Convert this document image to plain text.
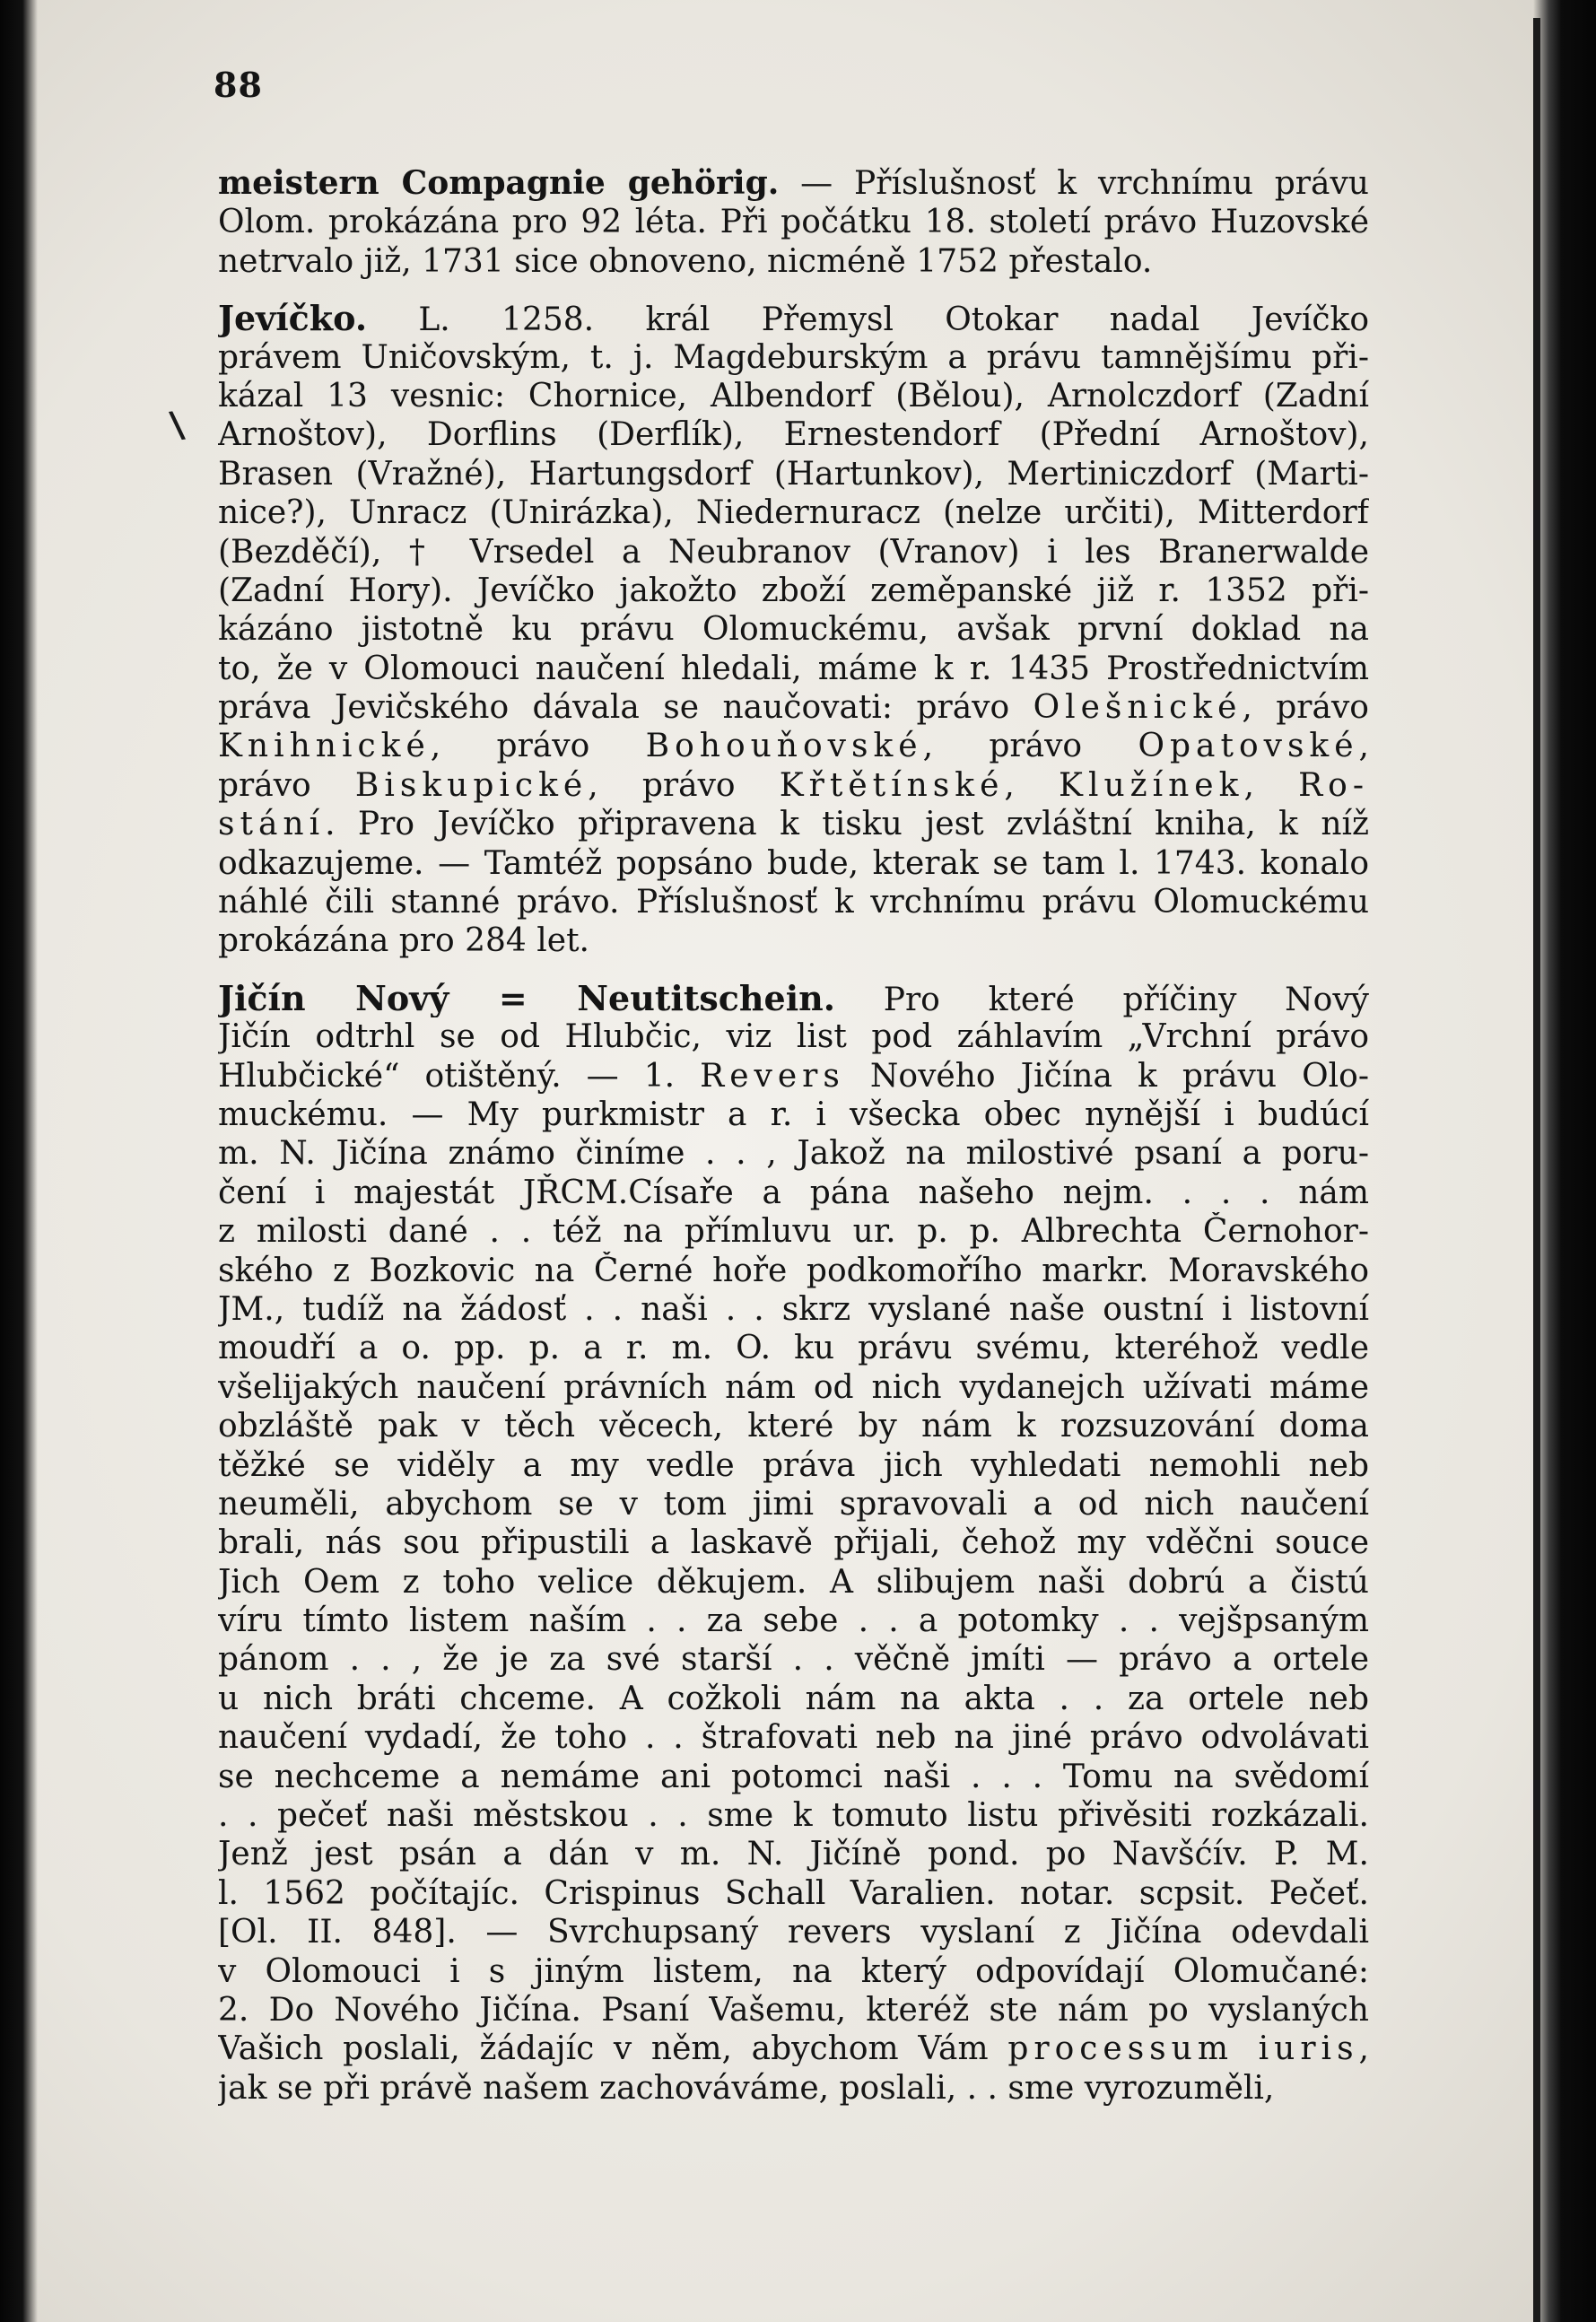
88
\
meistern Compagnie gehörig. — Příslušnosť k vrchnímu právu
Olom. prokázána pro 92 léta. Při počátku 18. století právo Huzovské
netrvalo již, 1731 sice obnoveno, nicméně 1752 přestalo.
Jevíčko. L. 1258. král Přemysl Otokar nadal Jevíčko
právem Uničovským, t. j. Magdeburským a právu tamnějšímu při-
kázal 13 vesnic: Chornice, Albendorf (Bělou), Arnolczdorf (Zadní
Arnoštov), Dorflins (Derflík), Ernestendorf (Přední Arnoštov),
Brasen (Vražné), Hartungsdorf (Hartunkov), Mertiniczdorf (Marti-
nice?), Unracz (Unirázka), Niedernuracz (nelze určiti), Mitterdorf
(Bezděčí), † Vrsedel a Neubranov (Vranov) i les Branerwalde
(Zadní Hory). Jevíčko jakožto zboží zeměpanské již r. 1352 při-
kázáno jistotně ku právu Olomuckému, avšak první doklad na
to, že v Olomouci naučení hledali, máme k r. 1435 Prostřednictvím
práva Jevičského dávala se naučovati: právo Olešnické, právo
Knihnické, právo Bohouňovské, právo Opatovské,
právo Biskupické, právo Křtětínské, Klužínek, Ro-
stání. Pro Jevíčko připravena k tisku jest zvláštní kniha, k níž
odkazujeme. — Tamtéž popsáno bude, kterak se tam l. 1743. konalo
náhlé čili stanné právo. Příslušnosť k vrchnímu právu Olomuckému
prokázána pro 284 let.
Jičín Nový = Neutitschein. Pro které příčiny Nový
Jičín odtrhl se od Hlubčic, viz list pod záhlavím „Vrchní právo
Hlubčické“ otištěný. — 1. Revers Nového Jičína k právu Olo-
muckému. — My purkmistr a r. i všecka obec nynější i budúcí
m. N. Jičína známo činíme . . , Jakož na milostivé psaní a poru-
čení i majestát JŘCM.Císaře a pána našeho nejm. . . . nám
z milosti dané . . též na přímluvu ur. p. p. Albrechta Černohor-
ského z Bozkovic na Černé hoře podkomořího markr. Moravského
JM., tudíž na žádosť . . naši . . skrz vyslané naše oustní i listovní
moudří a o. pp. p. a r. m. O. ku právu svému, kteréhož vedle
všelijakých naučení právních nám od nich vydanejch užívati máme
obzláště pak v těch věcech, které by nám k rozsuzování doma
těžké se viděly a my vedle práva jich vyhledati nemohli neb
neuměli, abychom se v tom jimi spravovali a od nich naučení
brali, nás sou připustili a laskavě přijali, čehož my vděčni souce
Jich Oem z toho velice děkujem. A slibujem naši dobrú a čistú
víru tímto listem naším . . za sebe . . a potomky . . vejšpsaným
pánom . . , že je za své starší . . věčně jmíti — právo a ortele
u nich bráti chceme. A cožkoli nám na akta . . za ortele neb
naučení vydadí, že toho . . štrafovati neb na jiné právo odvolávati
se nechceme a nemáme ani potomci naši . . . Tomu na svědomí
. . pečeť naši městskou . . sme k tomuto listu přivěsiti rozkázali.
Jenž jest psán a dán v m. N. Jičíně pond. po Navšćív. P. M.
l. 1562 počítajíc. Crispinus Schall Varalien. notar. scpsit. Pečeť.
[Ol. II. 848]. — Svrchupsaný revers vyslaní z Jičína odevdali
v Olomouci i s jiným listem, na který odpovídají Olomučané:
2. Do Nového Jičína. Psaní Vašemu, kteréž ste nám po vyslaných
Vašich poslali, žádajíc v něm, abychom Vám processum iuris,
jak se při právě našem zachováváme, poslali, . . sme vyrozuměli,
